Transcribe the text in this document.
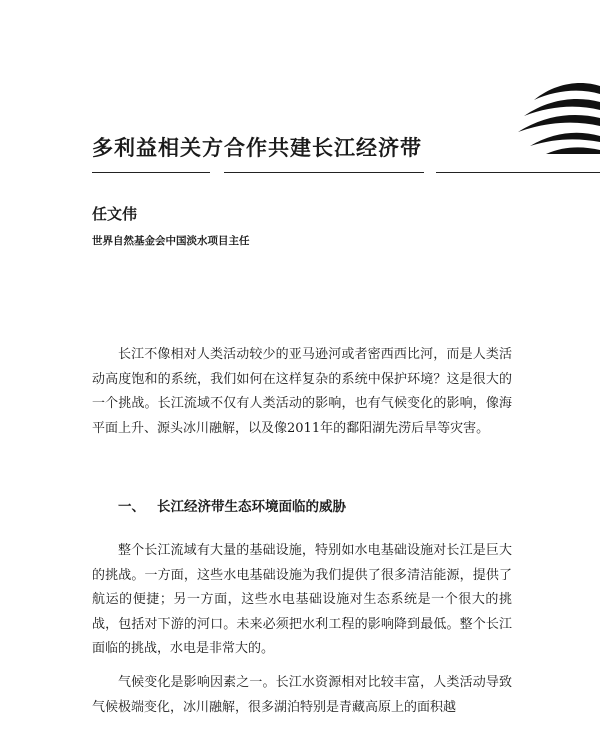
多利益相关方合作共建长江经济带

任文伟

世界自然基金会中国淡水项目主任

长江不像相对人类活动较少的亚马逊河或者密西西比河，而是人类活动高度饱和的系统，我们如何在这样复杂的系统中保护环境？这是很大的一个挑战。长江流域不仅有人类活动的影响，也有气候变化的影响，像海平面上升、源头冰川融解，以及像2011年的鄱阳湖先涝后旱等灾害。

一、 长江经济带生态环境面临的威胁

整个长江流域有大量的基础设施，特别如水电基础设施对长江是巨大的挑战。一方面，这些水电基础设施为我们提供了很多清洁能源，提供了航运的便捷；另一方面，这些水电基础设施对生态系统是一个很大的挑战，包括对下游的河口。未来必须把水利工程的影响降到最低。整个长江面临的挑战，水电是非常大的。

气候变化是影响因素之一。长江水资源相对比较丰富，人类活动导致气候极端变化，冰川融解，很多湖泊特别是青藏高原上的面积越
